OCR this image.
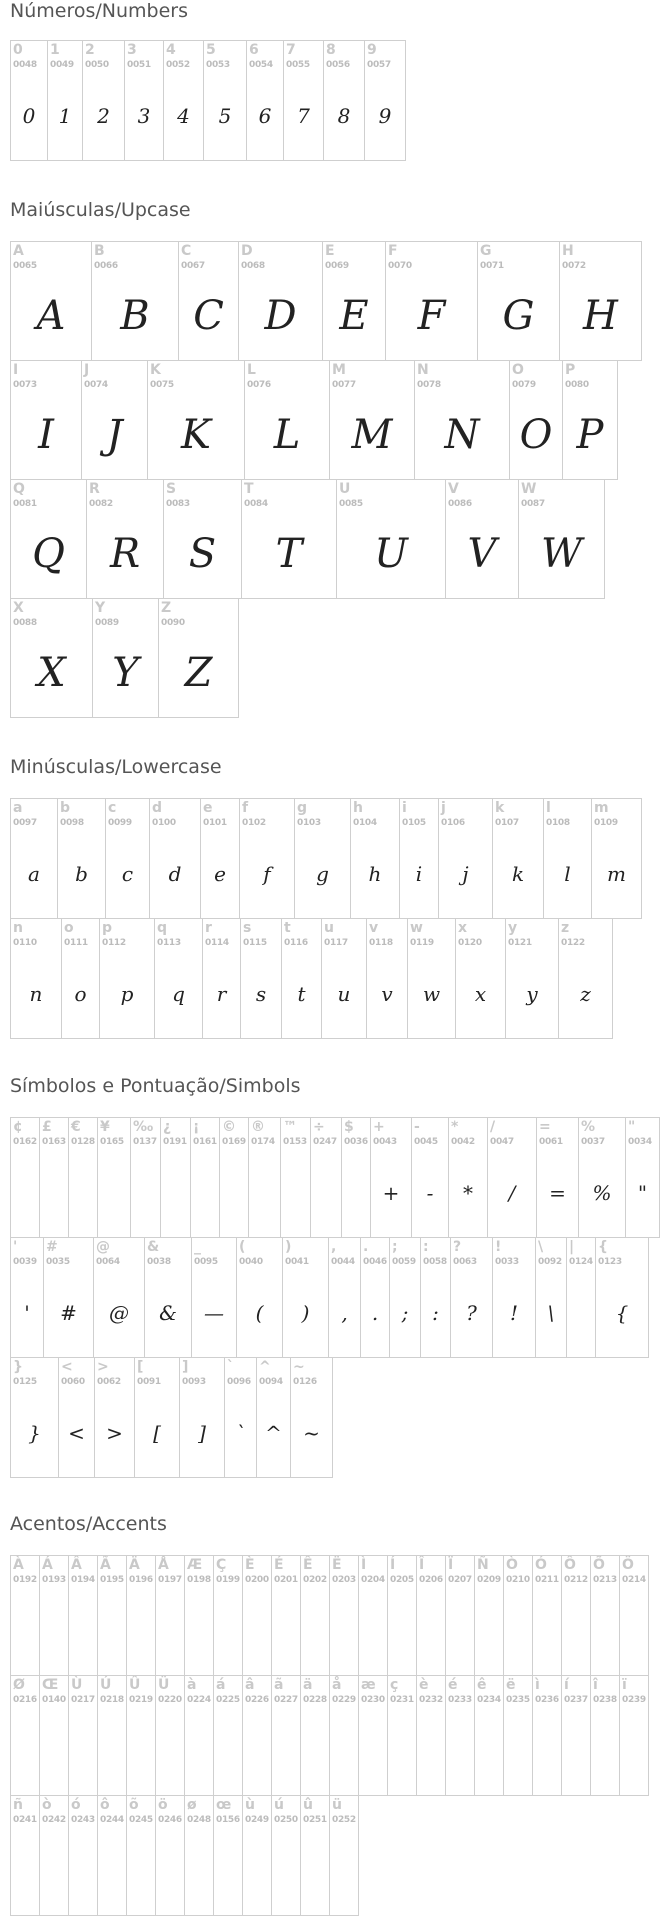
Números/Numbers
0
0048
0
1
0049
1
2
0050
2
3
0051
3
4
0052
4
5
0053
5
6
0054
6
7
0055
7
8
0056
8
9
0057
9
Maiúsculas/Upcase
A
0065
A
B
0066
B
C
0067
C
D
0068
D
E
0069
E
F
0070
F
G
0071
G
H
0072
H
I
0073
I
J
0074
J
K
0075
K
L
0076
L
M
0077
M
N
0078
N
O
0079
O
P
0080
P
Q
0081
Q
R
0082
R
S
0083
S
T
0084
T
U
0085
U
V
0086
V
W
0087
W
X
0088
X
Y
0089
Y
Z
0090
Z
Minúsculas/Lowercase
a
0097
a
b
0098
b
c
0099
c
d
0100
d
e
0101
e
f
0102
f
g
0103
g
h
0104
h
i
0105
i
j
0106
j
k
0107
k
l
0108
l
m
0109
m
n
0110
n
o
0111
o
p
0112
p
q
0113
q
r
0114
r
s
0115
s
t
0116
t
u
0117
u
v
0118
v
w
0119
w
x
0120
x
y
0121
y
z
0122
z
Símbolos e Pontuação/Simbols
¢
0162
£
0163
€
0128
¥
0165
‰
0137
¿
0191
¡
0161
©
0169
®
0174
™
0153
÷
0247
$
0036
+
0043
+
-
0045
-
*
0042
*
/
0047
/
=
0061
=
%
0037
%
"
0034
"
'
0039
'
#
0035
#
@
0064
@
&
0038
&
_
0095
—
(
0040
(
)
0041
)
,
0044
,
.
0046
.
;
0059
;
:
0058
:
?
0063
?
!
0033
!
\
0092
\
|
0124
{
0123
{
}
0125
}
<
0060
<
>
0062
>
[
0091
[
]
0093
]
`
0096
`
^
0094
^
~
0126
~
Acentos/Accents
À
0192
Á
0193
Â
0194
Ã
0195
Ä
0196
Å
0197
Æ
0198
Ç
0199
È
0200
É
0201
Ê
0202
Ë
0203
Ì
0204
Í
0205
Î
0206
Ï
0207
Ñ
0209
Ò
0210
Ó
0211
Ô
0212
Õ
0213
Ö
0214
Ø
0216
Œ
0140
Ù
0217
Ú
0218
Û
0219
Ü
0220
à
0224
á
0225
â
0226
ã
0227
ä
0228
å
0229
æ
0230
ç
0231
è
0232
é
0233
ê
0234
ë
0235
ì
0236
í
0237
î
0238
ï
0239
ñ
0241
ò
0242
ó
0243
ô
0244
õ
0245
ö
0246
ø
0248
œ
0156
ù
0249
ú
0250
û
0251
ü
0252
